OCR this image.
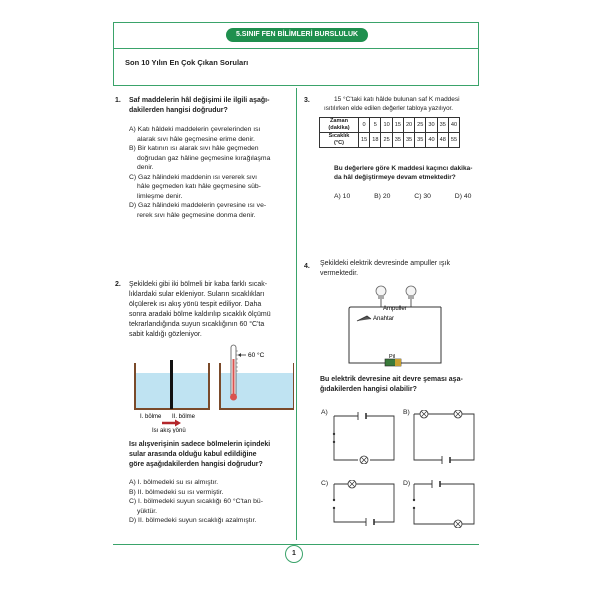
5.SINIF FEN BİLİMLERİ BURSLULUK
Son 10 Yılın En Çok Çıkan Soruları
1. Saf maddelerin hâl değişimi ile ilgili aşağı-
dakilerden hangisi doğrudur?
A) Katı hâldeki maddelerin çevrelerinden ısı
alarak sıvı hâle geçmesine erime denir.
B) Bir katının ısı alarak sıvı hâle geçmeden
doğrudan gaz hâline geçmesine kırağılaşma
denir.
C) Gaz hâlindeki maddenin ısı vererek sıvı
hâle geçmeden katı hâle geçmesine süb-
limleşme denir.
D) Gaz hâlindeki maddelerin çevresine ısı ve-
rerek sıvı hâle geçmesine donma denir.
2. Şekildeki gibi iki bölmeli bir kaba farklı sıcak-
lıklardaki sular ekleniyor. Suların sıcaklıkları
ölçülerek ısı akış yönü tespit ediliyor. Daha
sonra aradaki bölme kaldırılıp sıcaklık ölçümü
tekrarlandığında suyun sıcaklığının 60 °C'ta
sabit kaldığı gözleniyor.
60 °C
I. bölme II. bölme
Isı akış yönü
Isı alışverişinin sadece bölmelerin içindeki
sular arasında olduğu kabul edildiğine
göre aşağıdakilerden hangisi doğrudur?
A) I. bölmedeki su ısı almıştır.
B) II. bölmedeki su ısı vermiştir.
C) I. bölmedeki suyun sıcaklığı 60 °C'tan bü-
yüktür.
D) II. bölmedeki suyun sıcaklığı azalmıştır.
3.	15 °C'taki katı hâlde bulunan saf K maddesi
ısıtılırken elde edilen değerler tabloya yazılıyor.
Zaman
(dakika)	0	5	10	15	20	25	30	35	40
Sıcaklık
(°C)	15	18	25	35	35	35	40	48	55
Bu değerlere göre K maddesi kaçıncı dakika-
da hâl değiştirmeye devam etmektedir?
A) 10	B) 20	C) 30	D) 40
4. Şekildeki elektrik devresinde ampuller ışık
vermektedir.
Ampuller
Anahtar
Pil
Bu elektrik devresine ait devre şeması aşa-
ğıdakilerden hangisi olabilir?
A)	B)
C)	D)
1
